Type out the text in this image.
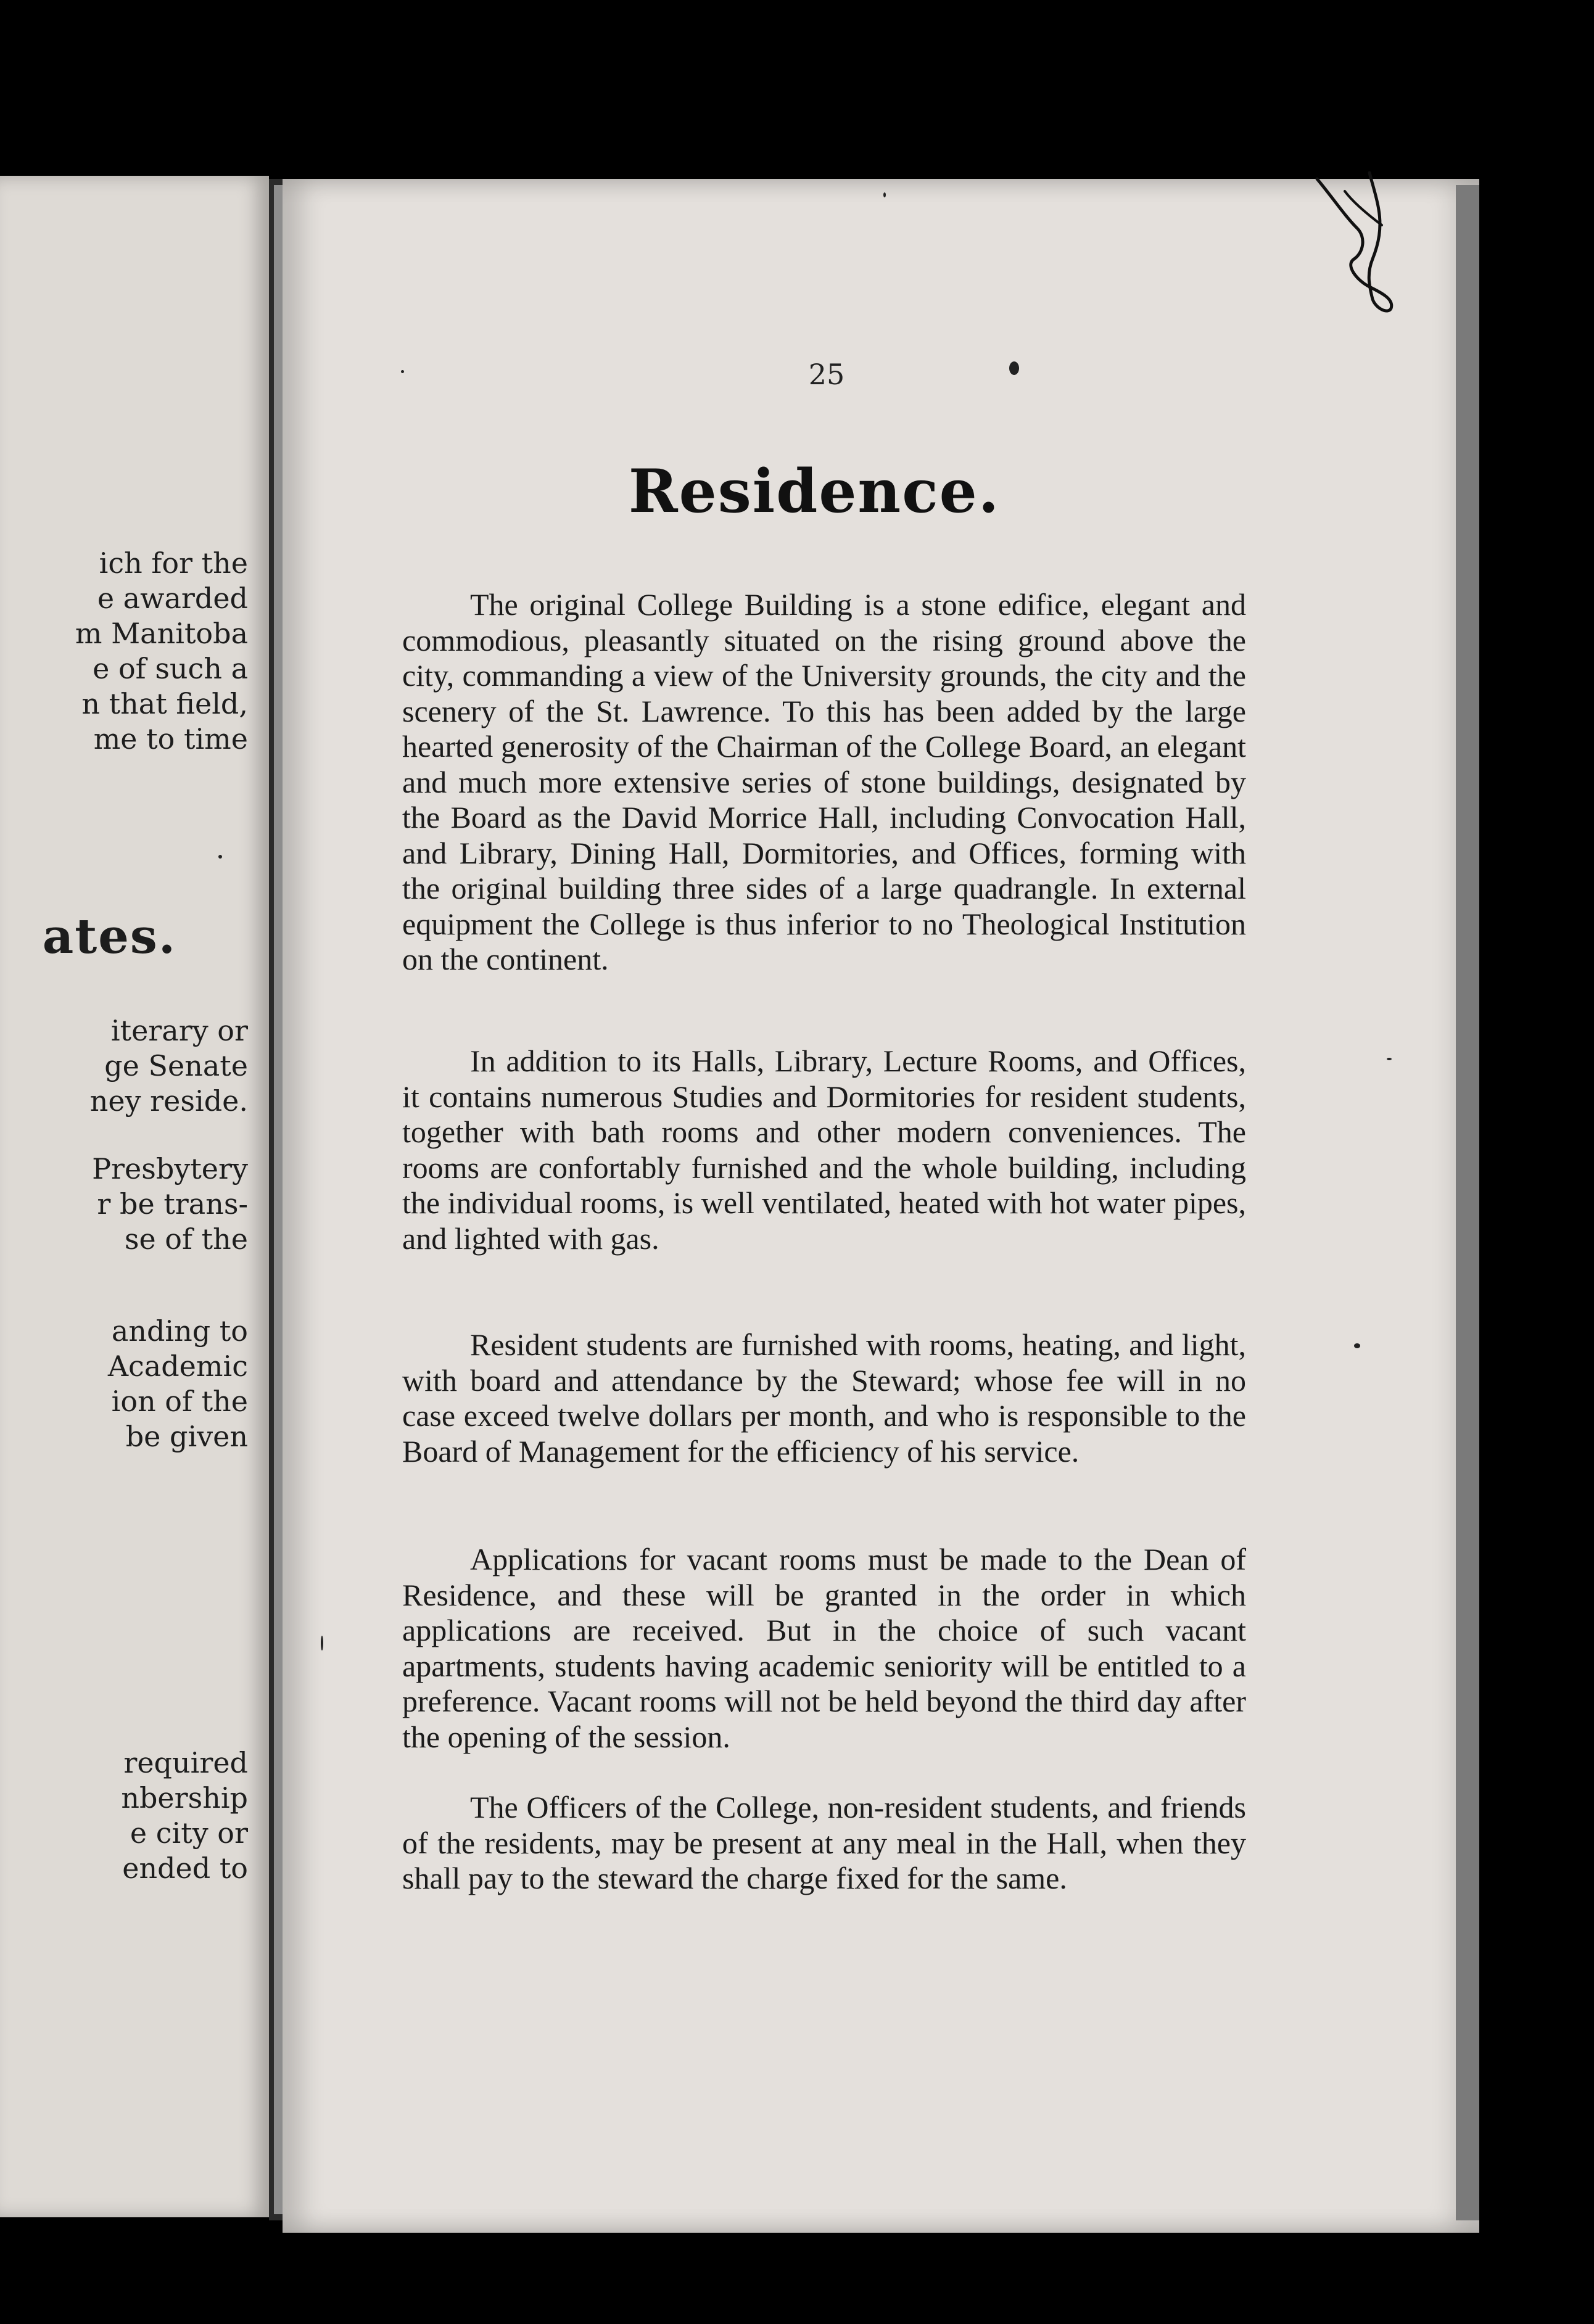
ich for the
e awarded
m Manitoba
e of such a
n that field,
me to time
ates.
iterary or
ge Senate
ney reside.
Presbytery
r be trans-
se of the
anding to
Academic
ion of the
be given
required
nbership
e city or
ended to
25
Residence.

The original College Building is a stone edifice, elegant and commodious, pleasantly situated on the rising ground above the city, commanding a view of the University grounds, the city and the scenery of the St. Lawrence. To this has been added by the large hearted generosity of the Chairman of the College Board, an elegant and much more extensive series of stone buildings, designated by the Board as the David Morrice Hall, including Convocation Hall, and Library, Dining Hall, Dormitories, and Offices, forming with the original building three sides of a large quadrangle. In external equipment the College is thus inferior to no Theological Institution on the continent.

In addition to its Halls, Library, Lecture Rooms, and Offices, it contains numerous Studies and Dormitories for resident students, together with bath rooms and other modern conveniences. The rooms are confortably furnished and the whole building, including the individual rooms, is well ventilated, heated with hot water pipes, and lighted with gas.

Resident students are furnished with rooms, heating, and light, with board and attendance by the Steward; whose fee will in no case exceed twelve dollars per month, and who is responsible to the Board of Management for the efficiency of his service.

Applications for vacant rooms must be made to the Dean of Residence, and these will be granted in the order in which applications are received. But in the choice of such vacant apartments, students having academic seniority will be entitled to a preference. Vacant rooms will not be held beyond the third day after the opening of the session.

The Officers of the College, non-resident students, and friends of the residents, may be present at any meal in the Hall, when they shall pay to the steward the charge fixed for the same.
